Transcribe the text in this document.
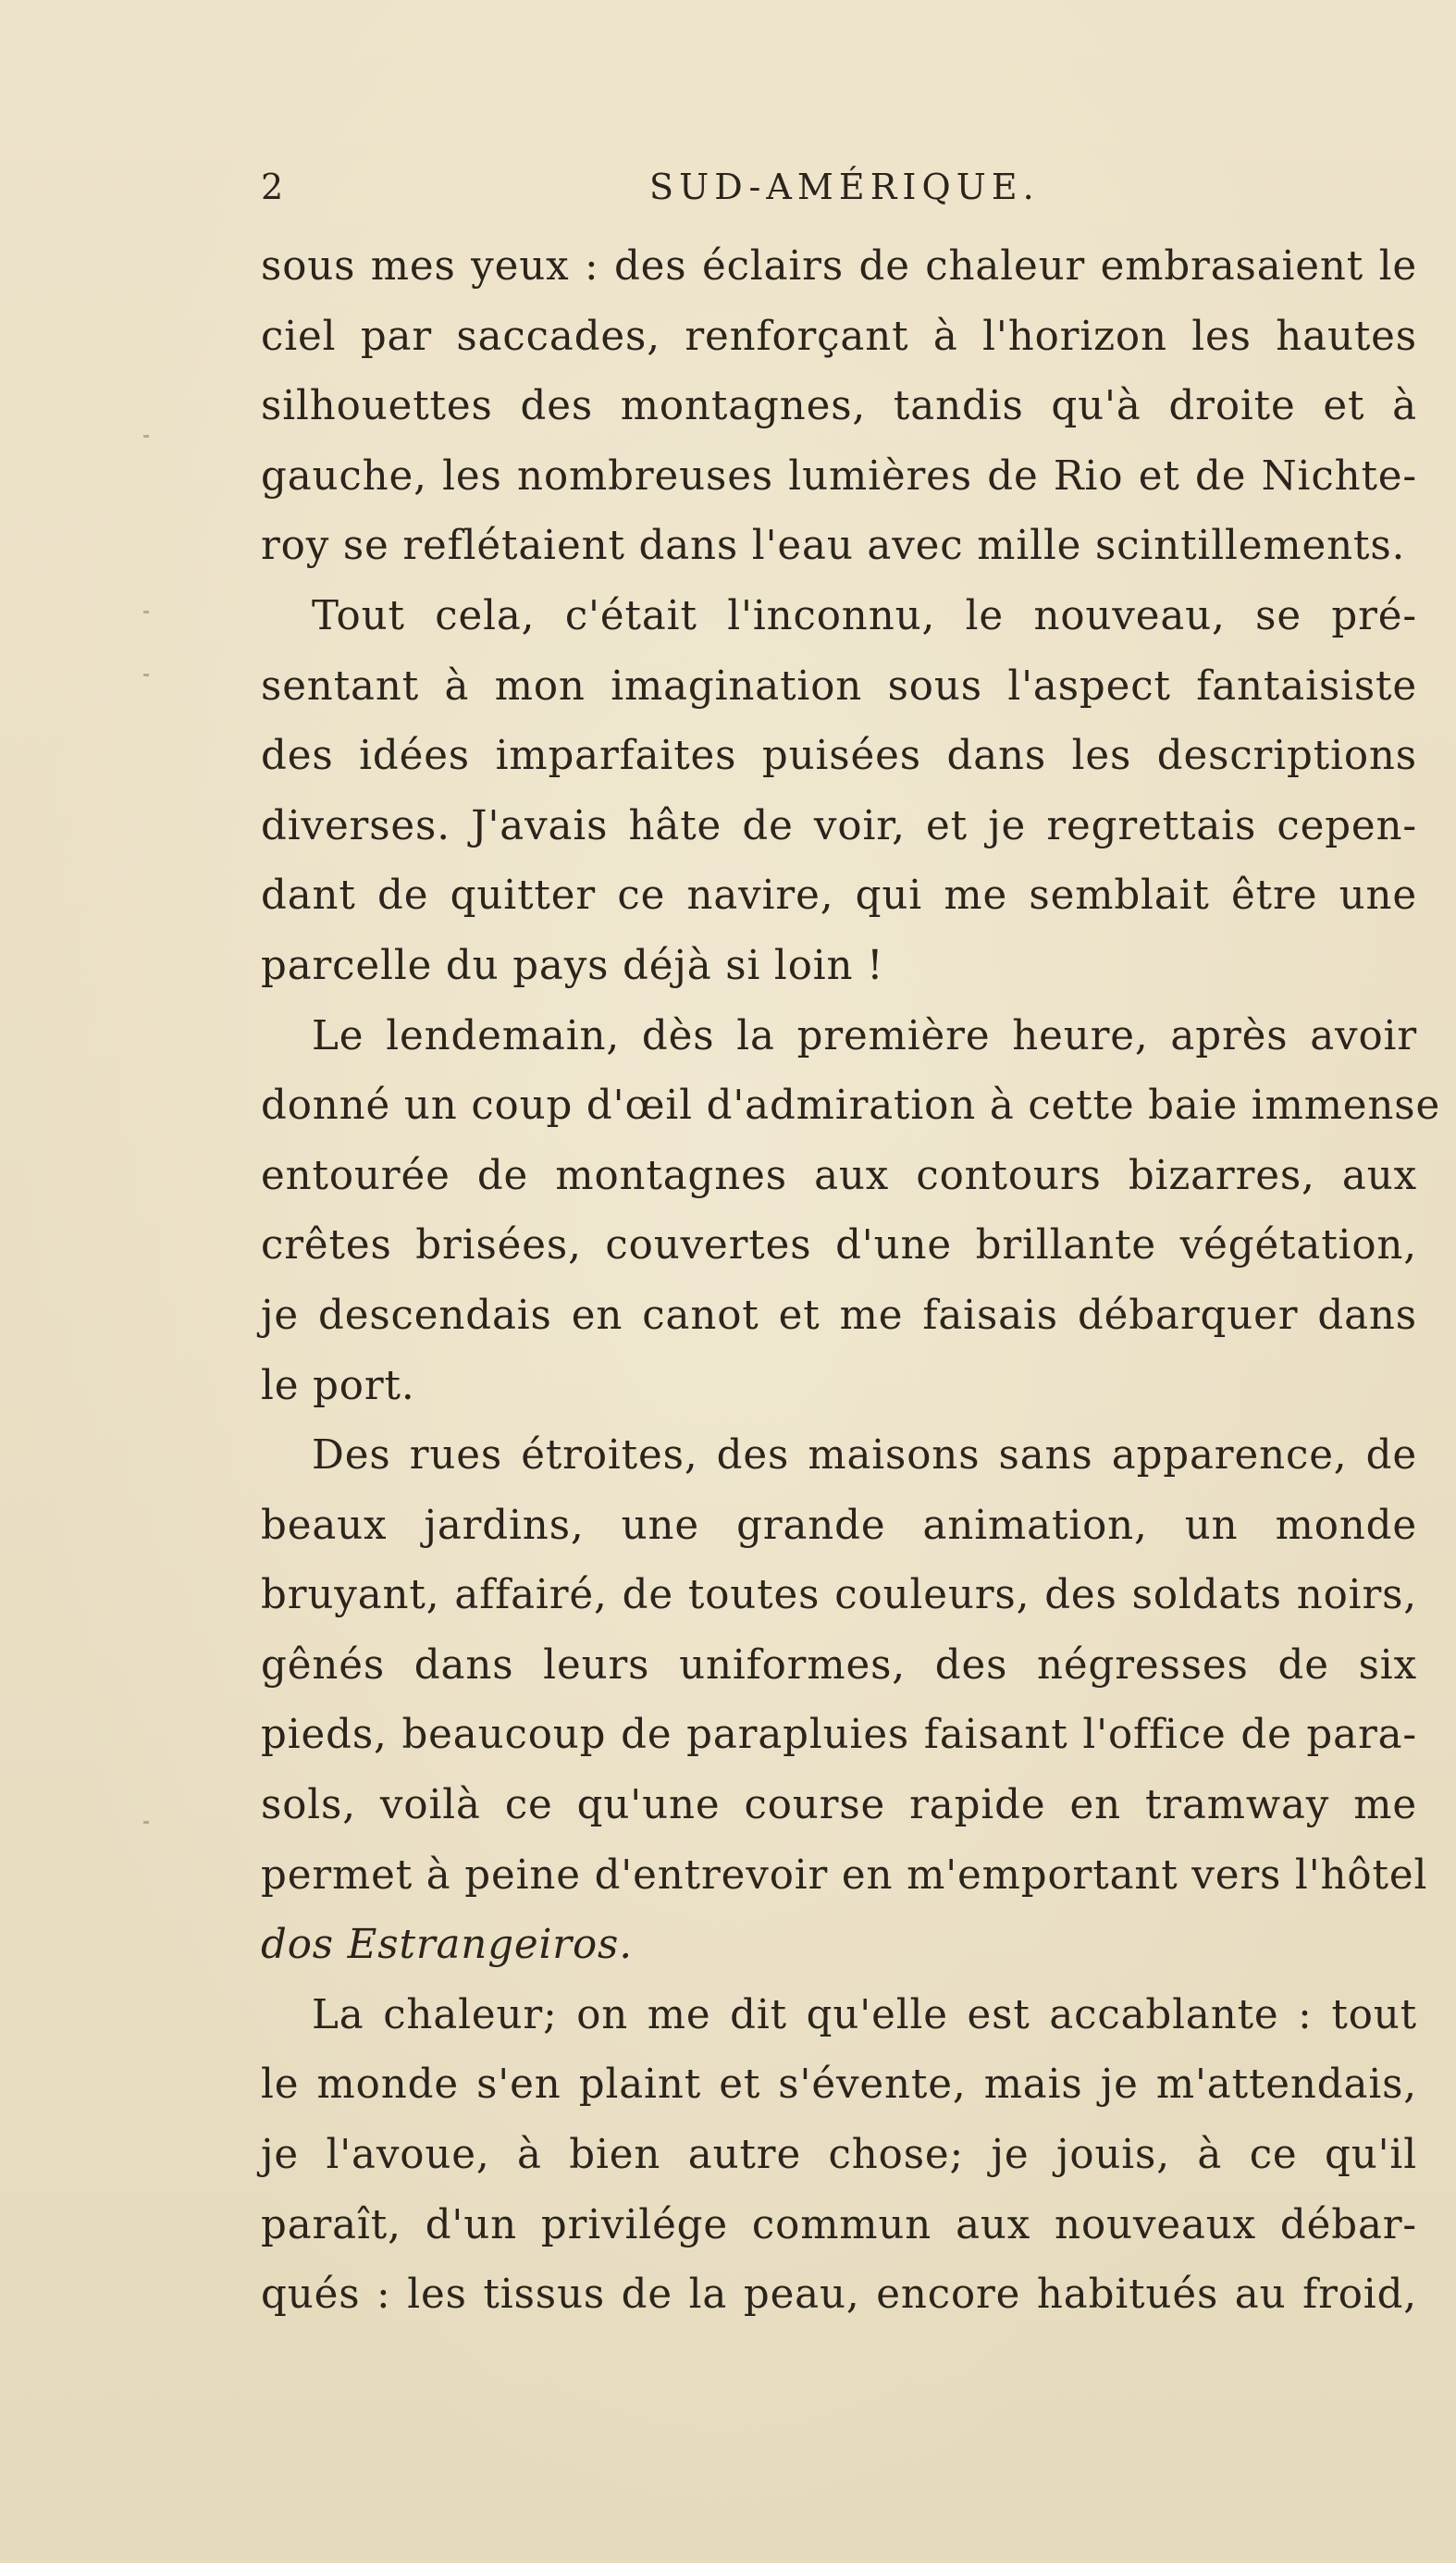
2	SUD-AMÉRIQUE.
sous mes yeux : des éclairs de chaleur embrasaient le
ciel par saccades, renforçant à l'horizon les hautes
silhouettes des montagnes, tandis qu'à droite et à
gauche, les nombreuses lumières de Rio et de Nichte-
roy se reflétaient dans l'eau avec mille scintillements.
Tout cela, c'était l'inconnu, le nouveau, se pré-
sentant à mon imagination sous l'aspect fantaisiste
des idées imparfaites puisées dans les descriptions
diverses. J'avais hâte de voir, et je regrettais cepen-
dant de quitter ce navire, qui me semblait être une
parcelle du pays déjà si loin !
Le lendemain, dès la première heure, après avoir
donné un coup d'œil d'admiration à cette baie immense
entourée de montagnes aux contours bizarres, aux
crêtes brisées, couvertes d'une brillante végétation,
je descendais en canot et me faisais débarquer dans
le port.
Des rues étroites, des maisons sans apparence, de
beaux jardins, une grande animation, un monde
bruyant, affairé, de toutes couleurs, des soldats noirs,
gênés dans leurs uniformes, des négresses de six
pieds, beaucoup de parapluies faisant l'office de para-
sols, voilà ce qu'une course rapide en tramway me
permet à peine d'entrevoir en m'emportant vers l'hôtel
dos Estrangeiros.
La chaleur; on me dit qu'elle est accablante : tout
le monde s'en plaint et s'évente, mais je m'attendais,
je l'avoue, à bien autre chose; je jouis, à ce qu'il
paraît, d'un privilége commun aux nouveaux débar-
qués : les tissus de la peau, encore habitués au froid,
